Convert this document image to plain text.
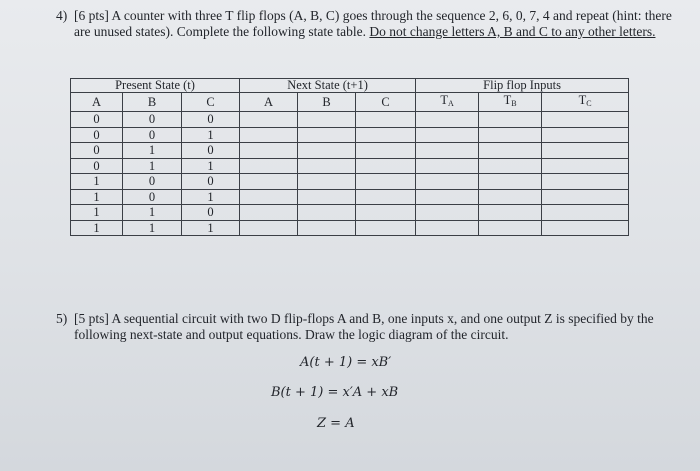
4) [6 pts] A counter with three T flip flops (A, B, C) goes through the sequence 2, 6, 0, 7, 4 and repeat (hint: there are unused states). Complete the following state table. Do not change letters A, B and C to any other letters.
Present State (t)			Next State (t+1)			Flip flop Inputs		
A	B	C	A	B	C	$T_A$	$T_B$	$T_C$
0	0	0						
0	0	1						
0	1	0						
0	1	1						
1	0	0						
1	0	1						
1	1	0						
1	1	1						
5) [5 pts] A sequential circuit with two D flip-flops A and B, one inputs x, and one output Z is specified by the following next-state and output equations. Draw the logic diagram of the circuit.
A(t + 1) = xB′
B(t + 1) = x′A + xB
Z = A
